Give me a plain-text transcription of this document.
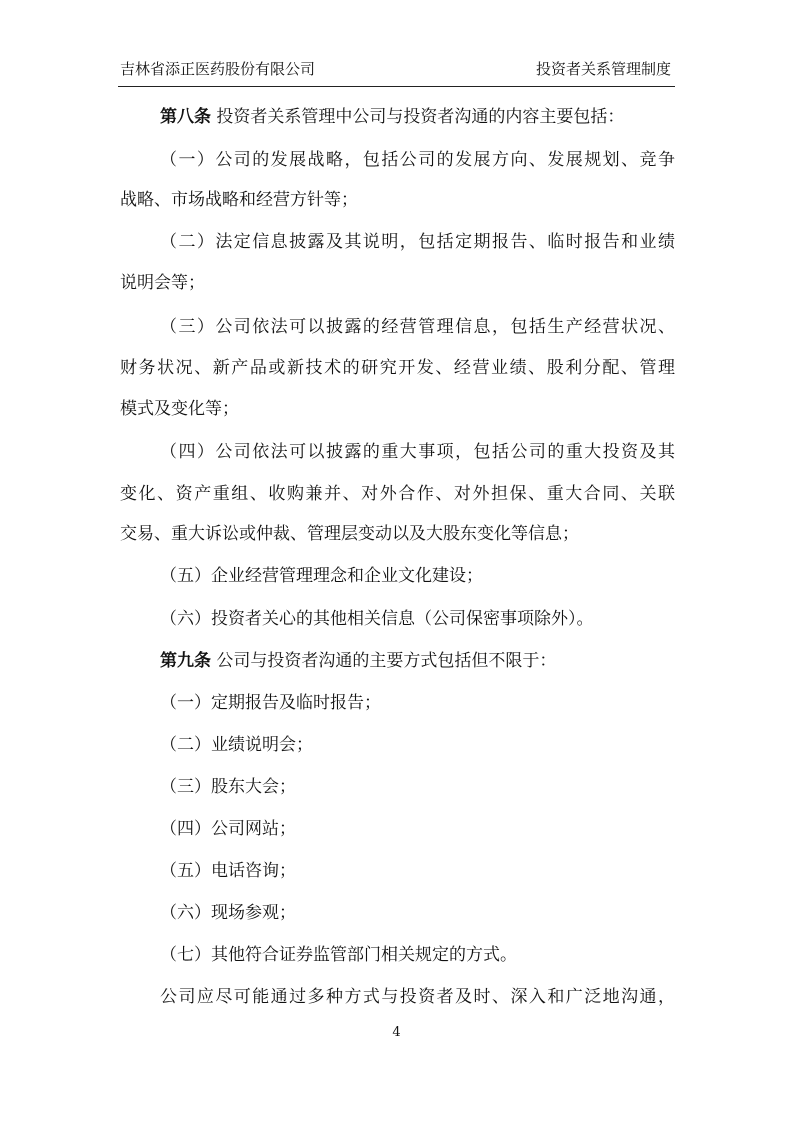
吉林省添正医药股份有限公司	投资者关系管理制度
第八条 投资者关系管理中公司与投资者沟通的内容主要包括：
（一）公司的发展战略，包括公司的发展方向、发展规划、竞争
战略、市场战略和经营方针等；
（二）法定信息披露及其说明，包括定期报告、临时报告和业绩
说明会等；
（三）公司依法可以披露的经营管理信息，包括生产经营状况、
财务状况、新产品或新技术的研究开发、经营业绩、股利分配、管理
模式及变化等；
（四）公司依法可以披露的重大事项，包括公司的重大投资及其
变化、资产重组、收购兼并、对外合作、对外担保、重大合同、关联
交易、重大诉讼或仲裁、管理层变动以及大股东变化等信息；
（五）企业经营管理理念和企业文化建设；
（六）投资者关心的其他相关信息（公司保密事项除外）。
第九条 公司与投资者沟通的主要方式包括但不限于：
（一）定期报告及临时报告；
（二）业绩说明会；
（三）股东大会；
（四）公司网站；
（五）电话咨询；
（六）现场参观；
（七）其他符合证券监管部门相关规定的方式。
公司应尽可能通过多种方式与投资者及时、深入和广泛地沟通，
4
